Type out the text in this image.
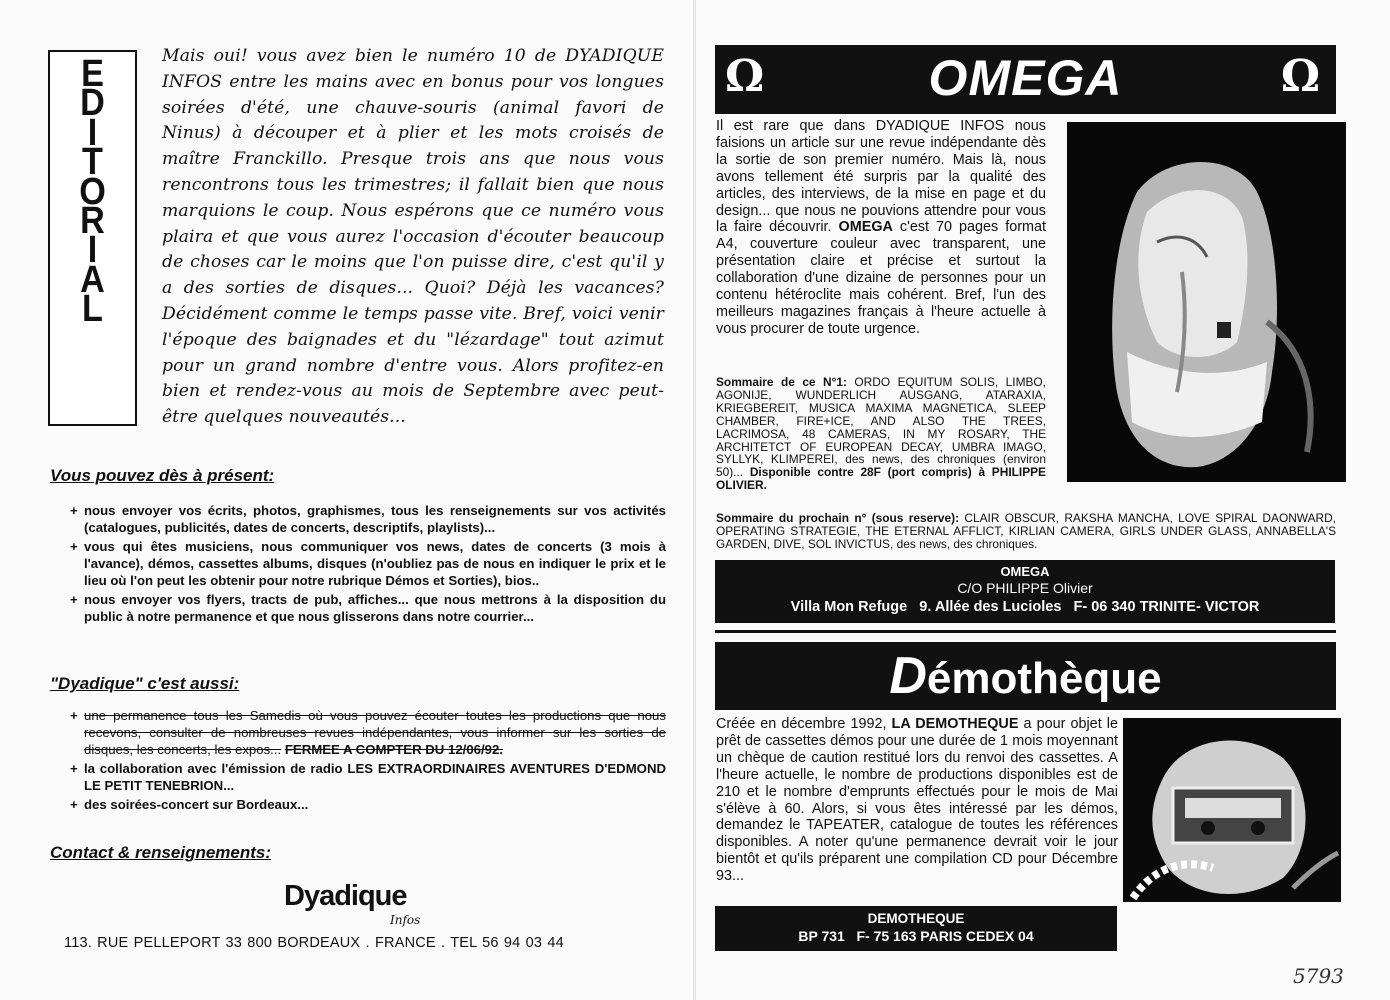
E
D
I
T
O
R
I
A
L
Mais oui! vous avez bien le numéro 10 de DYADIQUE INFOS entre les mains avec en bonus pour vos longues soirées d'été, une chauve-souris (animal favori de Ninus) à découper et à plier et les mots croisés de maître Franckillo. Presque trois ans que nous vous rencontrons tous les trimestres; il fallait bien que nous marquions le coup. Nous espérons que ce numéro vous plaira et que vous aurez l'occasion d'écouter beaucoup de choses car le moins que l'on puisse dire, c'est qu'il y a des sorties de disques... Quoi? Déjà les vacances? Décidément comme le temps passe vite. Bref, voici venir l'époque des baignades et du "lézardage" tout azimut pour un grand nombre d'entre vous. Alors profitez-en bien et rendez-vous au mois de Septembre avec peut-être quelques nouveautés...
Vous pouvez dès à présent:
+ nous envoyer vos écrits, photos, graphismes, tous les renseignements sur vos activités (catalogues, publicités, dates de concerts, descriptifs, playlists)...
+ vous qui êtes musiciens, nous communiquer vos news, dates de concerts (3 mois à l'avance), démos, cassettes albums, disques (n'oubliez pas de nous en indiquer le prix et le lieu où l'on peut les obtenir pour notre rubrique Démos et Sorties), bios..
+ nous envoyer vos flyers, tracts de pub, affiches... que nous mettrons à la disposition du public à notre permanence et que nous glisserons dans notre courrier...
"Dyadique" c'est aussi:
+ une permanence tous les Samedis où vous pouvez écouter toutes les productions que nous recevons, consulter de nombreuses revues indépendantes, vous informer sur les sorties de disques, les concerts, les expos... FERMEE A COMPTER DU 12/06/92.
+ la collaboration avec l'émission de radio LES EXTRAORDINAIRES AVENTURES D'EDMOND LE PETIT TENEBRION...
+ des soirées-concert sur Bordeaux...
Contact & renseignements:
Dyadique
Infos
113. RUE PELLEPORT 33 800 BORDEAUX . FRANCE . TEL 56 94 03 44
Ω	OMEGA	Ω 3
Il est rare que dans DYADIQUE INFOS nous faisions un article sur une revue indépendante dès la sortie de son premier numéro. Mais là, nous avons tellement été surpris par la qualité des articles, des interviews, de la mise en page et du design... que nous ne pouvions attendre pour vous la faire découvrir. OMEGA c'est 70 pages format A4, couverture couleur avec transparent, une présentation claire et précise et surtout la collaboration d'une dizaine de personnes pour un contenu hétéroclite mais cohérent. Bref, l'un des meilleurs magazines français à l'heure actuelle à vous procurer de toute urgence.
Sommaire de ce N°1: ORDO EQUITUM SOLIS, LIMBO, AGONIJE, WUNDERLICH AUSGANG, ATARAXIA, KRIEGBEREIT, MUSICA MAXIMA MAGNETICA, SLEEP CHAMBER, FIRE+ICE, AND ALSO THE TREES, LACRIMOSA, 48 CAMERAS, IN MY ROSARY, THE ARCHITETCT OF EUROPEAN DECAY, UMBRA IMAGO, SYLLYK, KLIMPEREI, des news, des chroniques (environ 50)... Disponible contre 28F (port compris) à PHILIPPE OLIVIER.
Sommaire du prochain n° (sous reserve): CLAIR OBSCUR, RAKSHA MANCHA, LOVE SPIRAL DAONWARD, OPERATING STRATEGIE, THE ETERNAL AFFLICT, KIRLIAN CAMERA, GIRLS UNDER GLASS, ANNABELLA'S GARDEN, DIVE, SOL INVICTUS, des news, des chroniques.
OMEGA
C/O PHILIPPE Olivier
Villa Mon Refuge   9. Allée des Lucioles   F- 06 340 TRINITE- VICTOR
Démothèque
Créée en décembre 1992, LA DEMOTHEQUE a pour objet le prêt de cassettes démos pour une durée de 1 mois moyennant un chèque de caution restitué lors du renvoi des cassettes. A l'heure actuelle, le nombre de productions disponibles est de 210 et le nombre d'emprunts effectués pour le mois de Mai s'élève à 60. Alors, si vous êtes intéressé par les démos, demandez le TAPEATER, catalogue de toutes les références disponibles. A noter qu'une permanence devrait voir le jour bientôt et qu'ils préparent une compilation CD pour Décembre 93...
DEMOTHEQUE
BP 731   F- 75 163 PARIS CEDEX 04
5793
